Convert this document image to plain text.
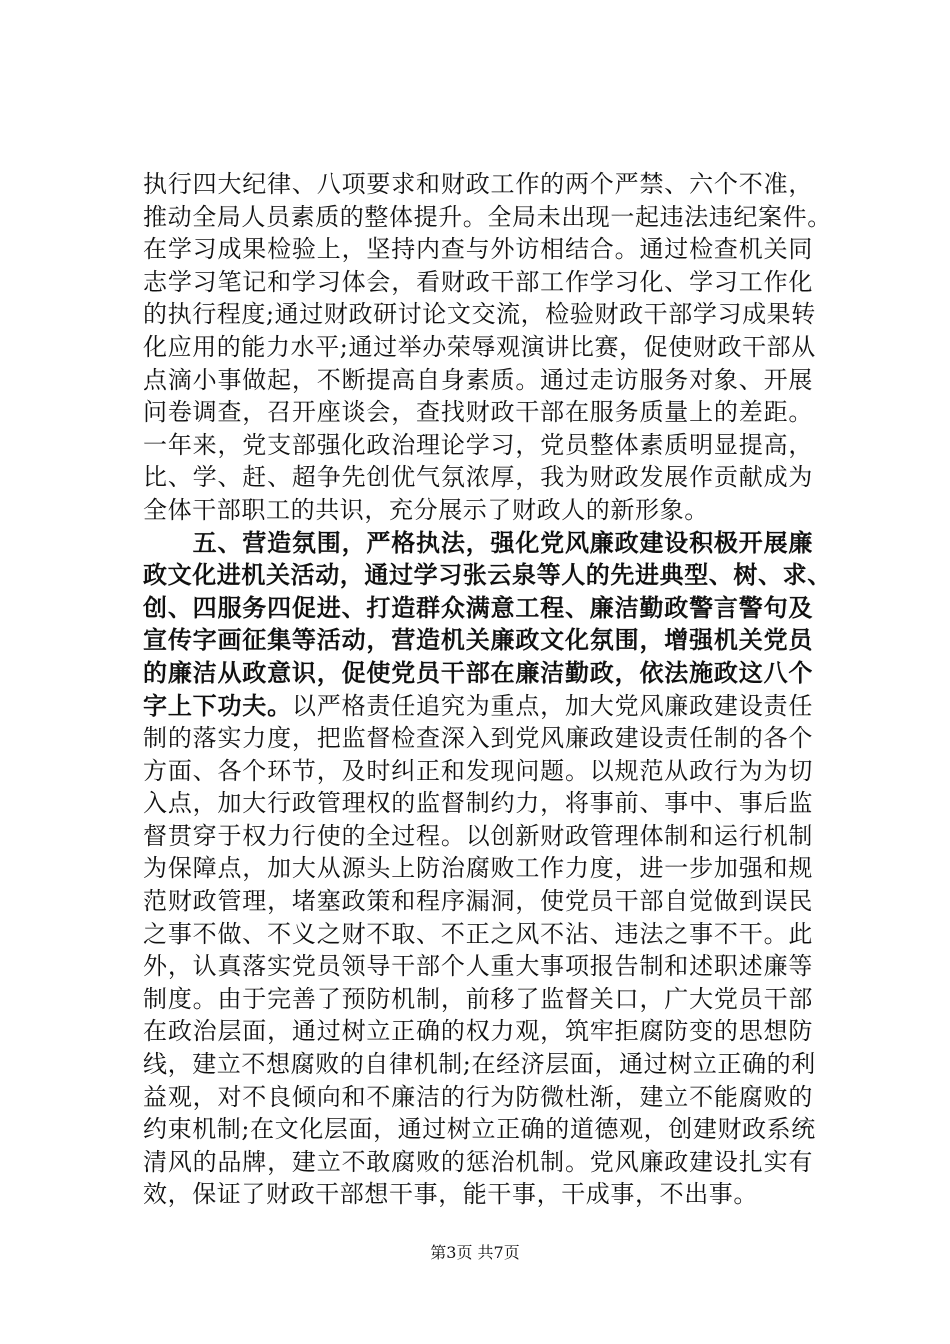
执行四大纪律、八项要求和财政工作的两个严禁、六个不准，
推动全局人员素质的整体提升。全局未出现一起违法违纪案件。
在学习成果检验上，坚持内查与外访相结合。通过检查机关同
志学习笔记和学习体会，看财政干部工作学习化、学习工作化
的执行程度;通过财政研讨论文交流，检验财政干部学习成果转
化应用的能力水平;通过举办荣辱观演讲比赛，促使财政干部从
点滴小事做起，不断提高自身素质。通过走访服务对象、开展
问卷调查，召开座谈会，查找财政干部在服务质量上的差距。
一年来，党支部强化政治理论学习，党员整体素质明显提高，
比、学、赶、超争先创优气氛浓厚，我为财政发展作贡献成为
全体干部职工的共识，充分展示了财政人的新形象。
　　五、营造氛围，严格执法，强化党风廉政建设积极开展廉
政文化进机关活动，通过学习张云泉等人的先进典型、树、求、
创、四服务四促进、打造群众满意工程、廉洁勤政警言警句及
宣传字画征集等活动，营造机关廉政文化氛围，增强机关党员
的廉洁从政意识，促使党员干部在廉洁勤政，依法施政这八个
字上下功夫。以严格责任追究为重点，加大党风廉政建设责任
制的落实力度，把监督检查深入到党风廉政建设责任制的各个
方面、各个环节，及时纠正和发现问题。以规范从政行为为切
入点，加大行政管理权的监督制约力，将事前、事中、事后监
督贯穿于权力行使的全过程。以创新财政管理体制和运行机制
为保障点，加大从源头上防治腐败工作力度，进一步加强和规
范财政管理，堵塞政策和程序漏洞，使党员干部自觉做到误民
之事不做、不义之财不取、不正之风不沾、违法之事不干。此
外，认真落实党员领导干部个人重大事项报告制和述职述廉等
制度。由于完善了预防机制，前移了监督关口，广大党员干部
在政治层面，通过树立正确的权力观，筑牢拒腐防变的思想防
线，建立不想腐败的自律机制;在经济层面，通过树立正确的利
益观，对不良倾向和不廉洁的行为防微杜渐，建立不能腐败的
约束机制;在文化层面，通过树立正确的道德观，创建财政系统
清风的品牌，建立不敢腐败的惩治机制。党风廉政建设扎实有
效，保证了财政干部想干事，能干事，干成事，不出事。
第3页 共7页
